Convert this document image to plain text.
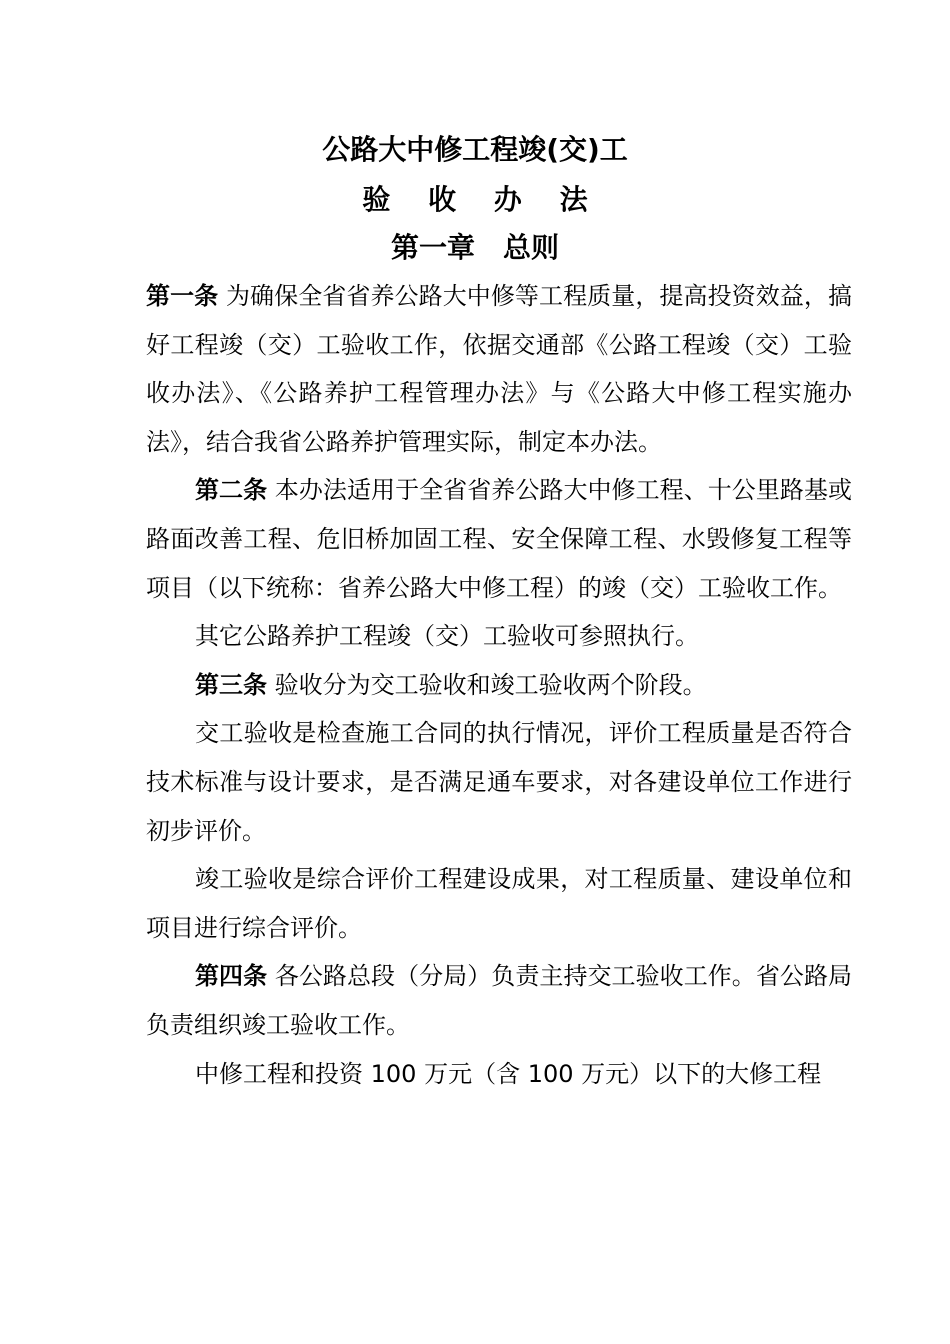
公路大中修工程竣(交)工
验 收 办 法
第一章　总则

第一条 为确保全省省养公路大中修等工程质量，提高投资效益，搞好工程竣（交）工验收工作，依据交通部《公路工程竣（交）工验收办法》、《公路养护工程管理办法》与《公路大中修工程实施办法》，结合我省公路养护管理实际，制定本办法。

第二条 本办法适用于全省省养公路大中修工程、十公里路基或路面改善工程、危旧桥加固工程、安全保障工程、水毁修复工程等项目（以下统称：省养公路大中修工程）的竣（交）工验收工作。

其它公路养护工程竣（交）工验收可参照执行。

第三条 验收分为交工验收和竣工验收两个阶段。

交工验收是检查施工合同的执行情况，评价工程质量是否符合技术标准与设计要求，是否满足通车要求，对各建设单位工作进行初步评价。

竣工验收是综合评价工程建设成果，对工程质量、建设单位和项目进行综合评价。

第四条 各公路总段（分局）负责主持交工验收工作。省公路局负责组织竣工验收工作。

中修工程和投资 100 万元（含 100 万元）以下的大修工程
